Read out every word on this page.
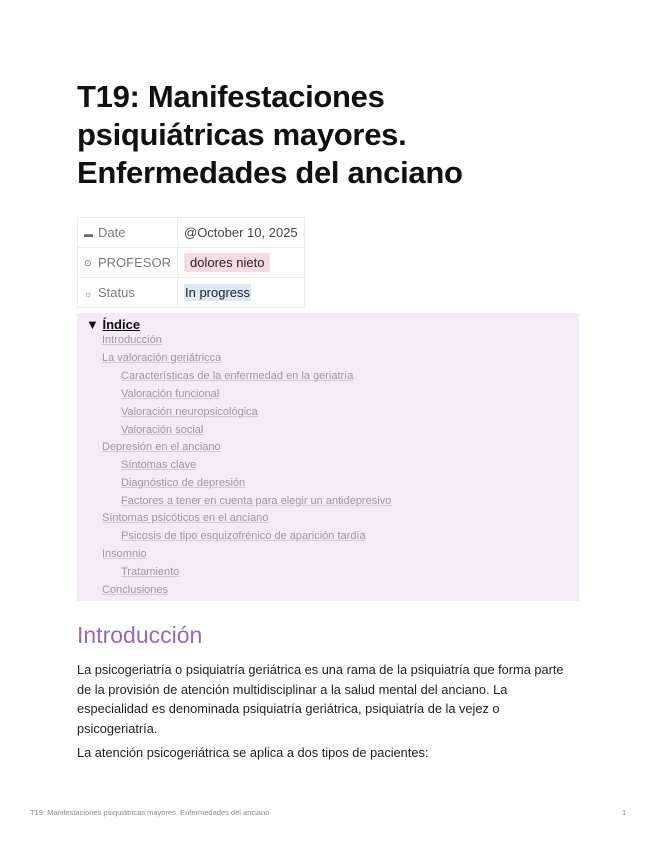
T19: Manifestaciones
psiquiátricas mayores.
Enfermedades del anciano
▬ Date	@October 10, 2025
⊙ PROFESOR	dolores nieto
☼ Status	In progress
▼ Índice
Introducción
La valoración geriátricca
Características de la enfermedad en la geriatría
Valoración funcional
Valoración neuropsicológica
Valoración social
Depresión en el anciano
Síntomas clave
Diagnóstico de depresión
Factores a tener en cuenta para elegir un antidepresivo
Síntomas psicóticos en el anciano
Psicosis de tipo esquizofrénico de aparición tardía
Insomnio
Tratamiento
Conclusiones
Introducción

La psicogeriatría o psiquiatría geriátrica es una rama de la psiquiatría que forma parte de la provisión de atención multidisciplinar a la salud mental del anciano. La especialidad es denominada psiquiatría geriátrica, psiquiatría de la vejez o psicogeriatría.

La atención psicogeriátrica se aplica a dos tipos de pacientes:

T19: Manifestaciones psiquiátricas mayores. Enfermedades del anciano	1
